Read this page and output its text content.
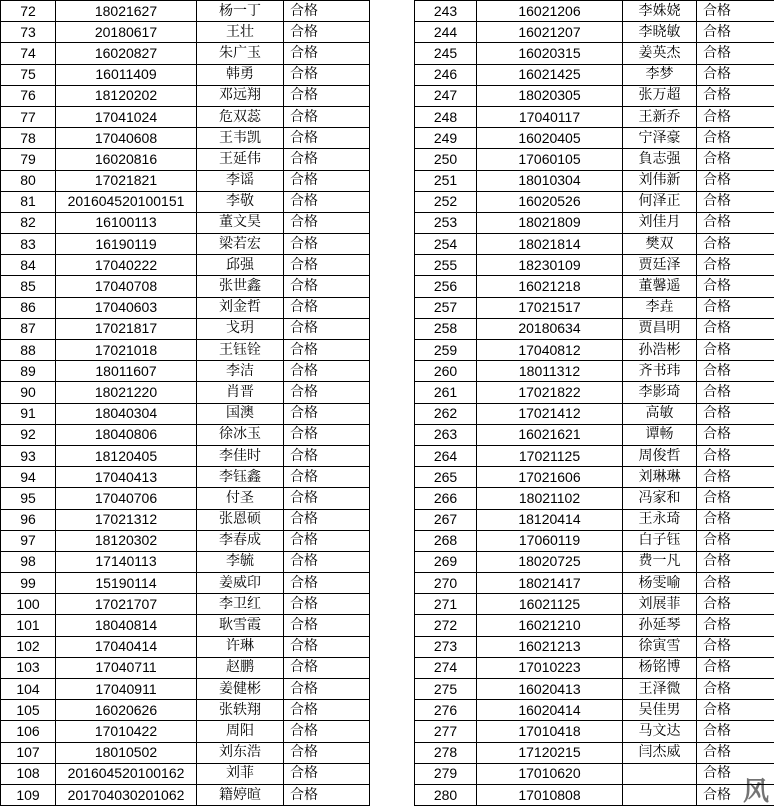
72	18021627	杨一丁	合格
73	20180617	王壮	合格
74	16020827	朱广玉	合格
75	16011409	韩勇	合格
76	18120202	邓远翔	合格
77	17041024	危双蕊	合格
78	17040608	王韦凯	合格
79	16020816	王延伟	合格
80	17021821	李谣	合格
81	201604520100151	李敬	合格
82	16100113	董文昊	合格
83	16190119	梁若宏	合格
84	17040222	邱强	合格
85	17040708	张世鑫	合格
86	17040603	刘金哲	合格
87	17021817	戈玥	合格
88	17021018	王钰铨	合格
89	18011607	李洁	合格
90	18021220	肖晋	合格
91	18040304	国澳	合格
92	18040806	徐冰玉	合格
93	18120405	李佳时	合格
94	17040413	李钰鑫	合格
95	17040706	付圣	合格
96	17021312	张恩硕	合格
97	18120302	李春成	合格
98	17140113	李毓	合格
99	15190114	姜威印	合格
100	17021707	李卫红	合格
101	18040814	耿雪霞	合格
102	17040414	许琳	合格
103	17040711	赵鹏	合格
104	17040911	姜健彬	合格
105	16020626	张轶翔	合格
106	17010422	周阳	合格
107	18010502	刘东浩	合格
108	201604520100162	刘菲	合格
109	201704030201062	籍婷暄	合格
243	16021206	李姝娆	合格
244	16021207	李晓敏	合格
245	16020315	姜英杰	合格
246	16021425	李梦	合格
247	18020305	张万超	合格
248	17040117	王新乔	合格
249	16020405	宁泽豪	合格
250	17060105	負志强	合格
251	18010304	刘伟新	合格
252	16020526	何泽正	合格
253	18021809	刘佳月	合格
254	18021814	樊双	合格
255	18230109	贾廷泽	合格
256	16021218	董馨遥	合格
257	17021517	李垚	合格
258	20180634	贾昌明	合格
259	17040812	孙浩彬	合格
260	18011312	齐书玮	合格
261	17021822	李影琦	合格
262	17021412	高敏	合格
263	16021621	谭畅	合格
264	17021125	周俊哲	合格
265	17021606	刘琳琳	合格
266	18021102	冯家和	合格
267	18120414	王永琦	合格
268	17060119	白子钰	合格
269	18020725	费一凡	合格
270	18021417	杨雯喻	合格
271	16021125	刘展菲	合格
272	16021210	孙延琴	合格
273	16021213	徐寅雪	合格
274	17010223	杨铭博	合格
275	16020413	王泽微	合格
276	16020414	吴佳男	合格
277	17010418	马文达	合格
278	17120215	闫杰威	合格
279	17010620		合格
280	17010808		合格 风
